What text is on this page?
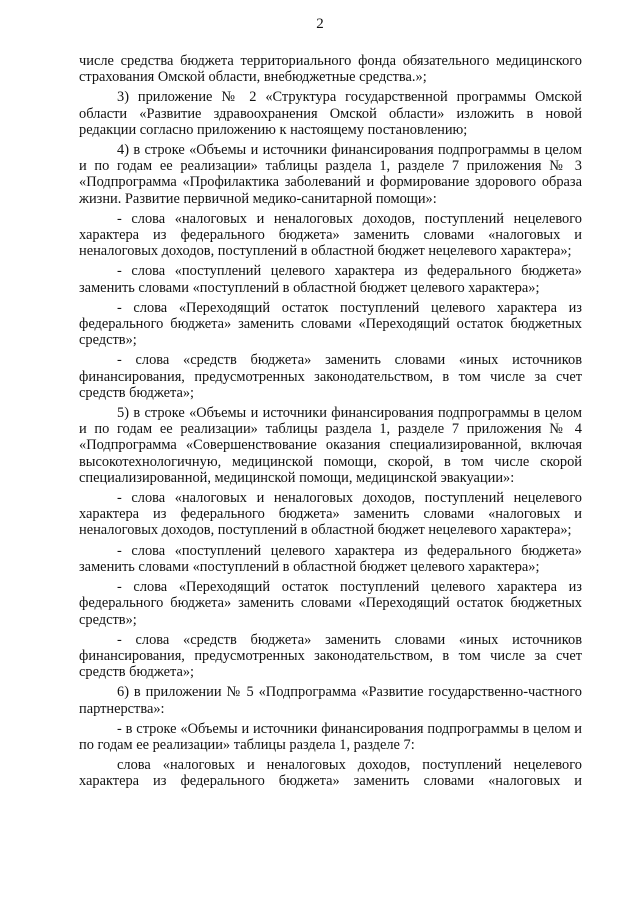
2

числе средства бюджета территориального фонда обязательного медицинского страхования Омской области, внебюджетные средства.»;

3) приложение № 2 «Структура государственной программы Омской области «Развитие здравоохранения Омской области» изложить в новой редакции согласно приложению к настоящему постановлению;

4) в строке «Объемы и источники финансирования подпрограммы в целом и по годам ее реализации» таблицы раздела 1, разделе 7 приложения № 3 «Подпрограмма «Профилактика заболеваний и формирование здорового образа жизни. Развитие первичной медико-санитарной помощи»:

- слова «налоговых и неналоговых доходов, поступлений нецелевого характера из федерального бюджета» заменить словами «налоговых и неналоговых доходов, поступлений в областной бюджет нецелевого характера»;

- слова «поступлений целевого характера из федерального бюджета» заменить словами «поступлений в областной бюджет целевого характера»;

- слова «Переходящий остаток поступлений целевого характера из федерального бюджета» заменить словами «Переходящий остаток бюджетных средств»;

- слова «средств бюджета» заменить словами «иных источников финансирования, предусмотренных законодательством, в том числе за счет средств бюджета»;

5) в строке «Объемы и источники финансирования подпрограммы в целом и по годам ее реализации» таблицы раздела 1, разделе 7 приложения № 4 «Подпрограмма «Совершенствование оказания специализированной, включая высокотехнологичную, медицинской помощи, скорой, в том числе скорой специализированной, медицинской помощи, медицинской эвакуации»:

- слова «налоговых и неналоговых доходов, поступлений нецелевого характера из федерального бюджета» заменить словами «налоговых и неналоговых доходов, поступлений в областной бюджет нецелевого характера»;

- слова «поступлений целевого характера из федерального бюджета» заменить словами «поступлений в областной бюджет целевого характера»;

- слова «Переходящий остаток поступлений целевого характера из федерального бюджета» заменить словами «Переходящий остаток бюджетных средств»;

- слова «средств бюджета» заменить словами «иных источников финансирования, предусмотренных законодательством, в том числе за счет средств бюджета»;

6) в приложении № 5 «Подпрограмма «Развитие государственно-частного партнерства»:

- в строке «Объемы и источники финансирования подпрограммы в целом и по годам ее реализации» таблицы раздела 1, разделе 7:

слова «налоговых и неналоговых доходов, поступлений нецелевого характера из федерального бюджета» заменить словами «налоговых и
